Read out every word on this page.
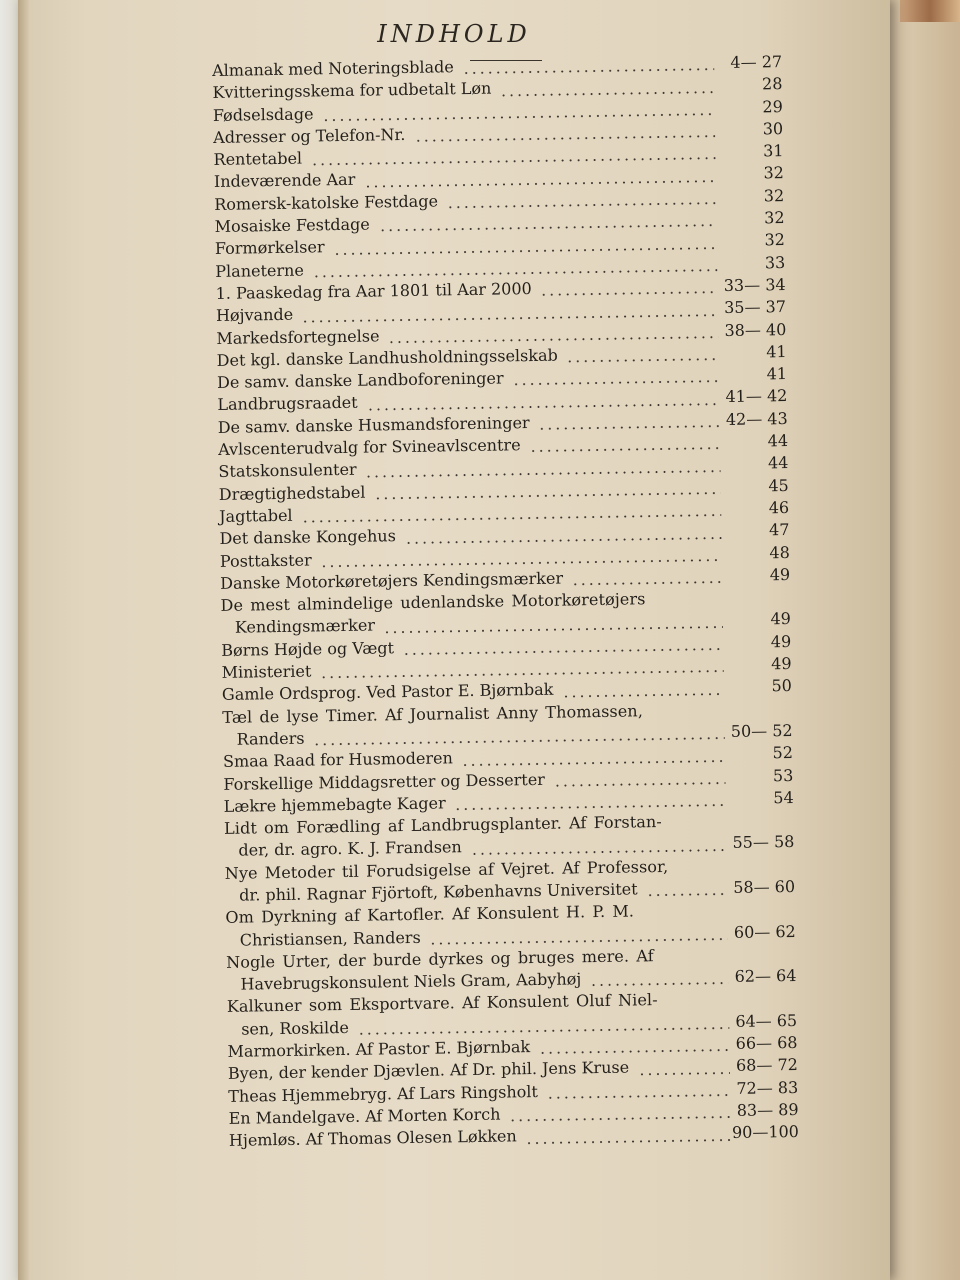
INDHOLD
Almanak med Noteringsblade	4— 27
Kvitteringsskema for udbetalt Løn	28
Fødselsdage	29
Adresser og Telefon-Nr.	30
Rentetabel	31
Indeværende Aar	32
Romersk-katolske Festdage	32
Mosaiske Festdage	32
Formørkelser	32
Planeterne	33
1. Paaskedag fra Aar 1801 til Aar 2000	33— 34
Højvande	35— 37
Markedsfortegnelse	38— 40
Det kgl. danske Landhusholdningsselskab	41
De samv. danske Landboforeninger	41
Landbrugsraadet	41— 42
De samv. danske Husmandsforeninger	42— 43
Avlscenterudvalg for Svineavlscentre	44
Statskonsulenter	44
Drægtighedstabel	45
Jagttabel	46
Det danske Kongehus	47
Posttakster	48
Danske Motorkøretøjers Kendingsmærker	49
De mest almindelige udenlandske Motorkøretøjers
Kendingsmærker	49
Børns Højde og Vægt	49
Ministeriet	49
Gamle Ordsprog. Ved Pastor E. Bjørnbak	50
Tæl de lyse Timer. Af Journalist Anny Thomassen,
Randers	50— 52
Smaa Raad for Husmoderen	52
Forskellige Middagsretter og Desserter	53
Lækre hjemmebagte Kager	54
Lidt om Forædling af Landbrugsplanter. Af Forstan-
der, dr. agro. K. J. Frandsen	55— 58
Nye Metoder til Forudsigelse af Vejret. Af Professor,
dr. phil. Ragnar Fjörtoft, Københavns Universitet	58— 60
Om Dyrkning af Kartofler. Af Konsulent H. P. M.
Christiansen, Randers	60— 62
Nogle Urter, der burde dyrkes og bruges mere. Af
Havebrugskonsulent Niels Gram, Aabyhøj	62— 64
Kalkuner som Eksportvare. Af Konsulent Oluf Niel-
sen, Roskilde	64— 65
Marmorkirken. Af Pastor E. Bjørnbak	66— 68
Byen, der kender Djævlen. Af Dr. phil. Jens Kruse	68— 72
Theas Hjemmebryg. Af Lars Ringsholt	72— 83
En Mandelgave. Af Morten Korch	83— 89
Hjemløs. Af Thomas Olesen Løkken	90—100
